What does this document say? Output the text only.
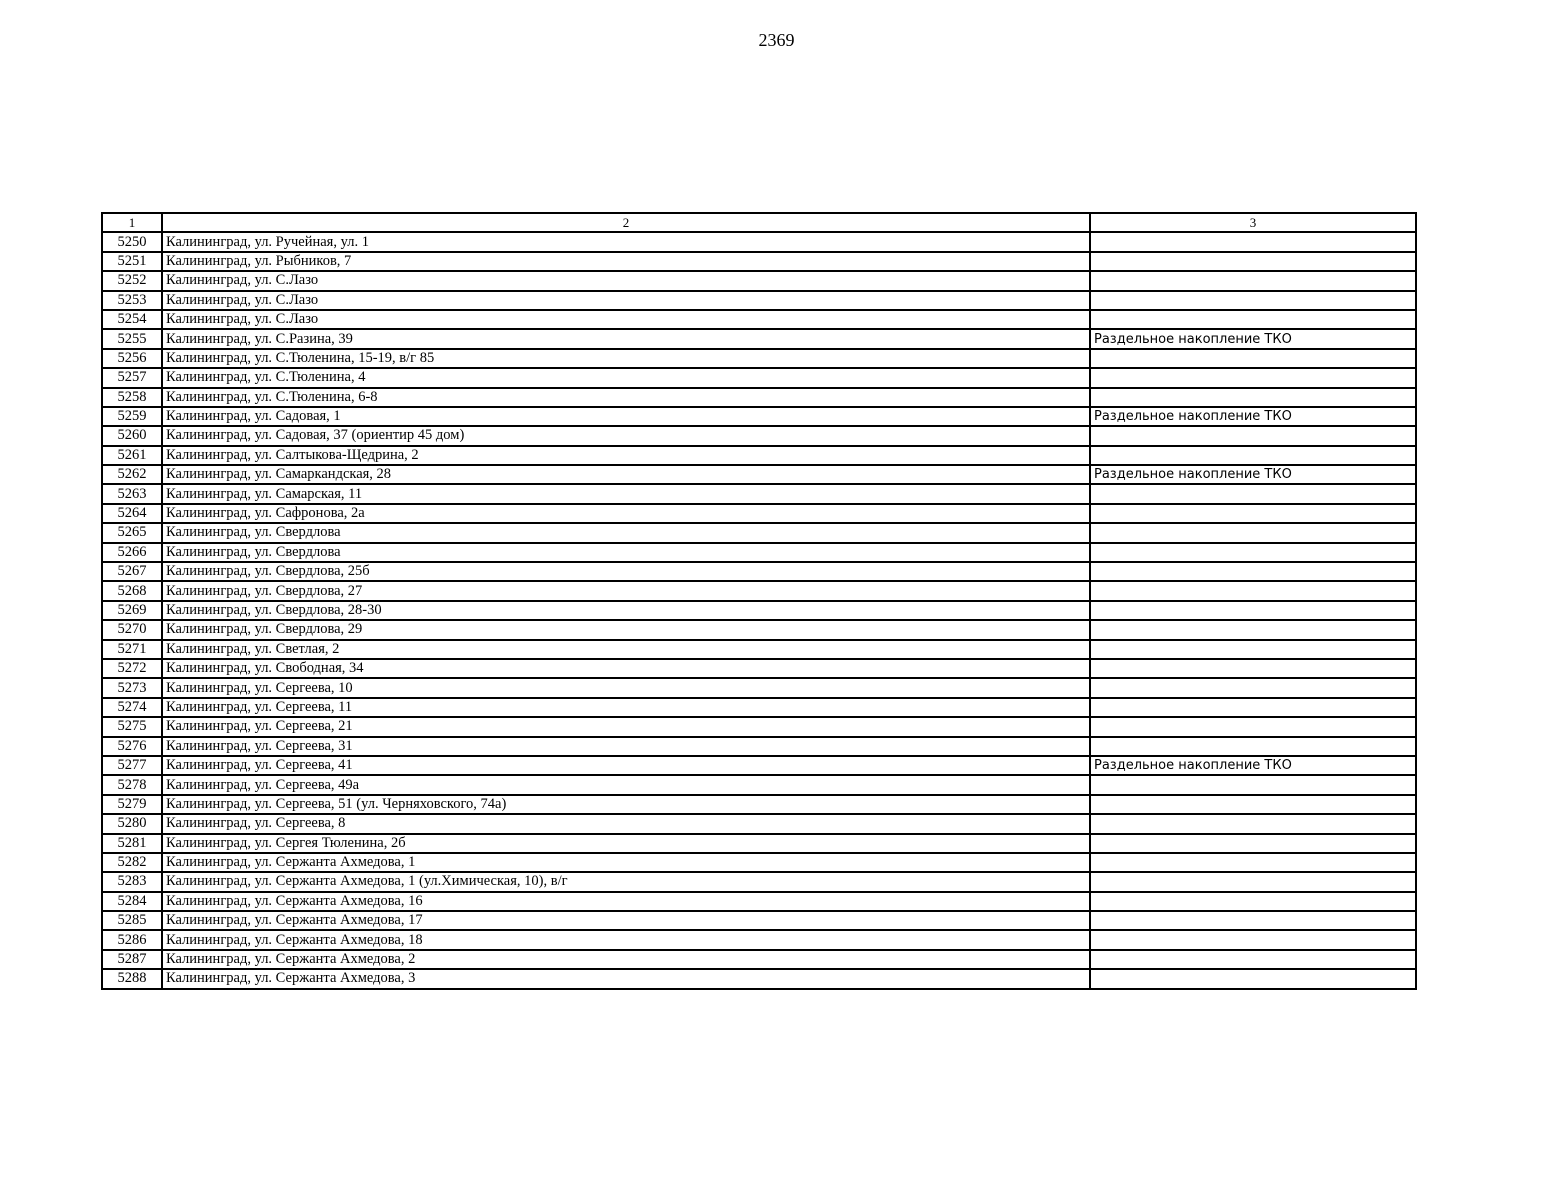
2369
1	2	3
5250	Калининград, ул. Ручейная, ул. 1	
5251	Калининград, ул. Рыбников, 7	
5252	Калининград, ул. С.Лазо	
5253	Калининград, ул. С.Лазо	
5254	Калининград, ул. С.Лазо	
5255	Калининград, ул. С.Разина, 39	Раздельное накопление ТКО
5256	Калининград, ул. С.Тюленина, 15-19, в/г 85	
5257	Калининград, ул. С.Тюленина, 4	
5258	Калининград, ул. С.Тюленина, 6-8	
5259	Калининград, ул. Садовая, 1	Раздельное накопление ТКО
5260	Калининград, ул. Садовая, 37 (ориентир 45 дом)	
5261	Калининград, ул. Салтыкова-Щедрина, 2	
5262	Калининград, ул. Самаркандская, 28	Раздельное накопление ТКО
5263	Калининград, ул. Самарская, 11	
5264	Калининград, ул. Сафронова, 2а	
5265	Калининград, ул. Свердлова	
5266	Калининград, ул. Свердлова	
5267	Калининград, ул. Свердлова, 25б	
5268	Калининград, ул. Свердлова, 27	
5269	Калининград, ул. Свердлова, 28-30	
5270	Калининград, ул. Свердлова, 29	
5271	Калининград, ул. Светлая, 2	
5272	Калининград, ул. Свободная, 34	
5273	Калининград, ул. Сергеева, 10	
5274	Калининград, ул. Сергеева, 11	
5275	Калининград, ул. Сергеева, 21	
5276	Калининград, ул. Сергеева, 31	
5277	Калининград, ул. Сергеева, 41	Раздельное накопление ТКО
5278	Калининград, ул. Сергеева, 49а	
5279	Калининград, ул. Сергеева, 51 (ул. Черняховского, 74а)	
5280	Калининград, ул. Сергеева, 8	
5281	Калининград, ул. Сергея Тюленина, 2б	
5282	Калининград, ул. Сержанта Ахмедова, 1	
5283	Калининград, ул. Сержанта Ахмедова, 1 (ул.Химическая, 10), в/г	
5284	Калининград, ул. Сержанта Ахмедова, 16	
5285	Калининград, ул. Сержанта Ахмедова, 17	
5286	Калининград, ул. Сержанта Ахмедова, 18	
5287	Калининград, ул. Сержанта Ахмедова, 2	
5288	Калининград, ул. Сержанта Ахмедова, 3	
